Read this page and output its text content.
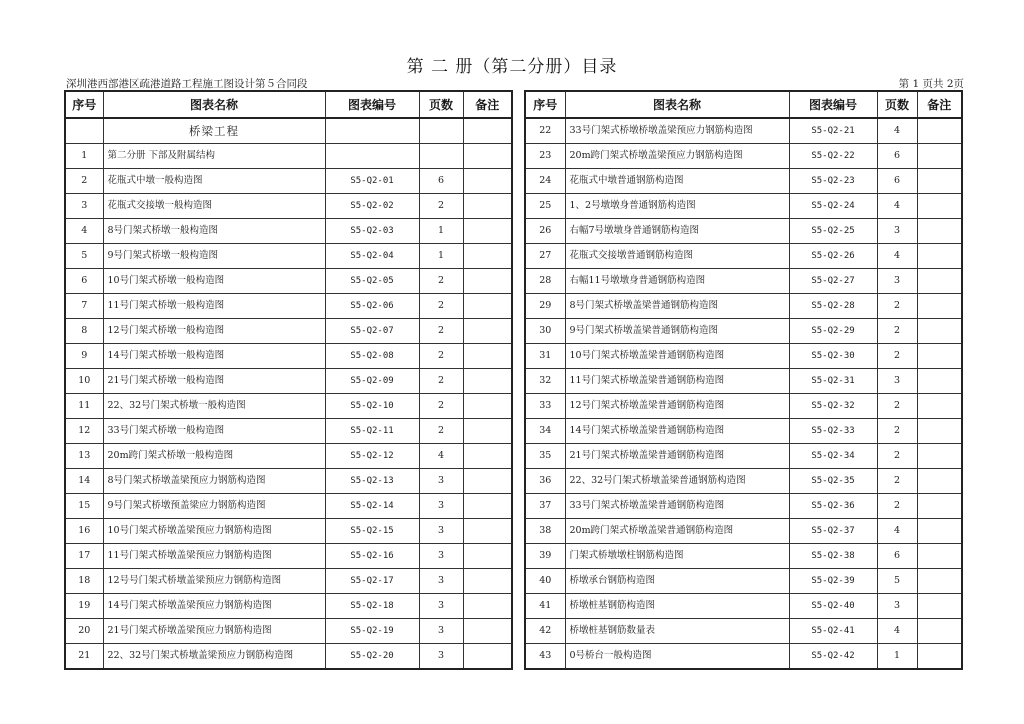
第 二 册（第二分册）目录
深圳港西部港区疏港道路工程施工图设计第５合同段	第 1 页共 2页
序号	图表名称	图表编号	页数	备注
	桥梁工程			
1	第二分册 下部及附属结构			
2	花瓶式中墩一般构造图	S5-Q2-01	6	
3	花瓶式交接墩一般构造图	S5-Q2-02	2	
4	8号门架式桥墩一般构造图	S5-Q2-03	1	
5	9号门架式桥墩一般构造图	S5-Q2-04	1	
6	10号门架式桥墩一般构造图	S5-Q2-05	2	
7	11号门架式桥墩一般构造图	S5-Q2-06	2	
8	12号门架式桥墩一般构造图	S5-Q2-07	2	
9	14号门架式桥墩一般构造图	S5-Q2-08	2	
10	21号门架式桥墩一般构造图	S5-Q2-09	2	
11	22、32号门架式桥墩一般构造图	S5-Q2-10	2	
12	33号门架式桥墩一般构造图	S5-Q2-11	2	
13	20m跨门架式桥墩一般构造图	S5-Q2-12	4	
14	8号门架式桥墩盖梁预应力钢筋构造图	S5-Q2-13	3	
15	9号门架式桥墩预盖梁应力钢筋构造图	S5-Q2-14	3	
16	10号门架式桥墩盖梁预应力钢筋构造图	S5-Q2-15	3	
17	11号门架式桥墩盖梁预应力钢筋构造图	S5-Q2-16	3	
18	12号号门架式桥墩盖梁预应力钢筋构造图	S5-Q2-17	3	
19	14号门架式桥墩盖梁预应力钢筋构造图	S5-Q2-18	3	
20	21号门架式桥墩盖梁预应力钢筋构造图	S5-Q2-19	3	
21	22、32号门架式桥墩盖梁预应力钢筋构造图	S5-Q2-20	3	
序号	图表名称	图表编号	页数	备注
22	33号门架式桥墩桥墩盖梁预应力钢筋构造图	S5-Q2-21	4	
23	20m跨门架式桥墩盖梁预应力钢筋构造图	S5-Q2-22	6	
24	花瓶式中墩普通钢筋构造图	S5-Q2-23	6	
25	1、2号墩墩身普通钢筋构造图	S5-Q2-24	4	
26	右幅7号墩墩身普通钢筋构造图	S5-Q2-25	3	
27	花瓶式交接墩普通钢筋构造图	S5-Q2-26	4	
28	右幅11号墩墩身普通钢筋构造图	S5-Q2-27	3	
29	8号门架式桥墩盖梁普通钢筋构造图	S5-Q2-28	2	
30	9号门架式桥墩盖梁普通钢筋构造图	S5-Q2-29	2	
31	10号门架式桥墩盖梁普通钢筋构造图	S5-Q2-30	2	
32	11号门架式桥墩盖梁普通钢筋构造图	S5-Q2-31	3	
33	12号门架式桥墩盖梁普通钢筋构造图	S5-Q2-32	2	
34	14号门架式桥墩盖梁普通钢筋构造图	S5-Q2-33	2	
35	21号门架式桥墩盖梁普通钢筋构造图	S5-Q2-34	2	
36	22、32号门架式桥墩盖梁普通钢筋构造图	S5-Q2-35	2	
37	33号门架式桥墩盖梁普通钢筋构造图	S5-Q2-36	2	
38	20m跨门架式桥墩盖梁普通钢筋构造图	S5-Q2-37	4	
39	门架式桥墩墩柱钢筋构造图	S5-Q2-38	6	
40	桥墩承台钢筋构造图	S5-Q2-39	5	
41	桥墩桩基钢筋构造图	S5-Q2-40	3	
42	桥墩桩基钢筋数量表	S5-Q2-41	4	
43	0号桥台一般构造图	S5-Q2-42	1	
